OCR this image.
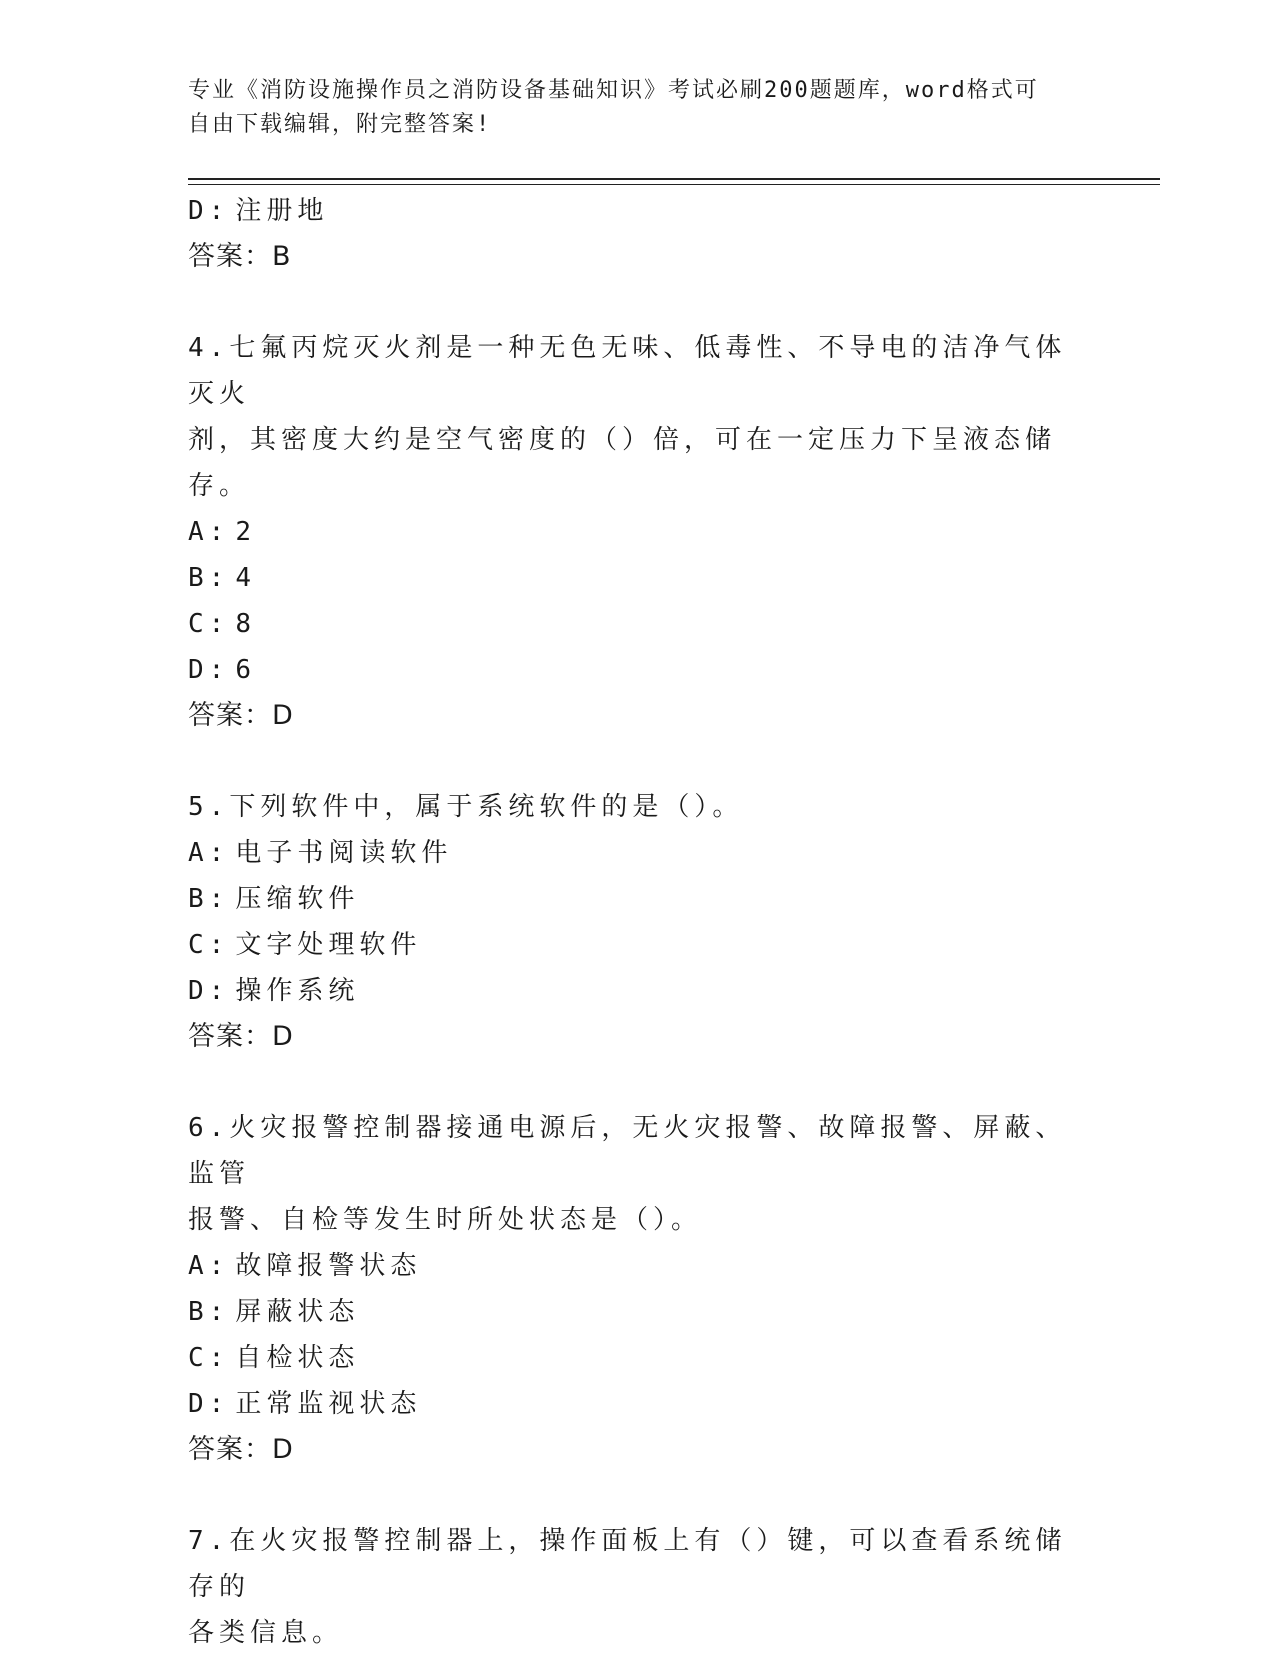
专业《消防设施操作员之消防设备基础知识》考试必刷200题题库，word格式可
自由下载编辑，附完整答案!
D: 注册地
答案：B
4.七氟丙烷灭火剂是一种无色无味、低毒性、不导电的洁净气体灭火
剂，其密度大约是空气密度的（）倍，可在一定压力下呈液态储存。
A: 2
B: 4
C: 8
D: 6
答案：D
5.下列软件中，属于系统软件的是（）。
A: 电子书阅读软件
B: 压缩软件
C: 文字处理软件
D: 操作系统
答案：D
6.火灾报警控制器接通电源后，无火灾报警、故障报警、屏蔽、监管
报警、自检等发生时所处状态是（）。
A: 故障报警状态
B: 屏蔽状态
C: 自检状态
D: 正常监视状态
答案：D
7.在火灾报警控制器上，操作面板上有（）键，可以查看系统储存的
各类信息。
